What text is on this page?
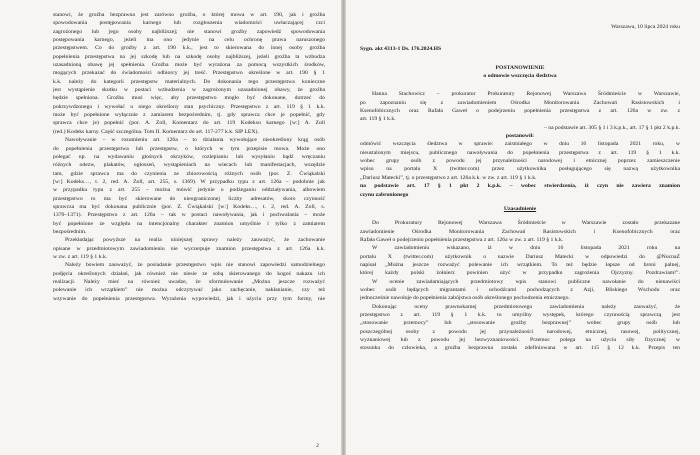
stanowi, że groźba bezprawna jest zarówno groźba, o której mowa w art. 190, jak i groźba
spowodowania postępowania karnego lub rozgłoszenia wiadomości uwłaczającej czci
zagrożonego lub jego osoby najbliższej; nie stanowi groźby zapowiedź spowodowania
postępowania karnego, jeżeli ma ono jedynie na celu ochronę prawa naruszonego
przestępstwem. Co do groźby z art. 190 k.k., jest to skierowana do innej osoby groźba
popełnienia przestępstwa na jej szkodę lub na szkodę osoby najbliższej, jeżeli groźba ta wzbudza
uzasadnioną obawę jej spełnienia. Groźba może być wyrażona za pomocą wszystkich środków,
mogących przekazać do świadomości odbiorcy jej treść. Przestępstwo określone w art. 190 § 1
k.k. należy do kategorii przestępstw materialnych. Do dokonania tego przestępstwa konieczne
jest wystąpienie skutku w postaci wzbudzenia w zagrożonym uzasadnionej obawy, że groźba
będzie spełniona. Groźba musi więc, aby przestępstwo mogło być dokonane, dotrzeć do
pokrzywdzonego i wywołać u niego określony stan psychiczny. Przestępstwo z art. 119 § 1 k.k.
może być popełnione wyłącznie z zamiarem bezpośrednim, tj. gdy sprawca chce je popełnić, gdy
sprawca chce je) popełnić (por. A. Zoll, Komentarz do art. 119 Kodeksu karnego [w:] A. Zoll
(red.) Kodeks karny. Część szczególna. Tom II. Komentarz do art. 117-277 k.k. SIP LEX).
Nawoływanie – w rozumieniu art. 126a – to działania wywołujące nieokreślony krąg osób
do popełnienia przestępstwa lub przestępstw, o których w tym przepisie mowa. Może ono
polegać np. na wydawaniu głośnych okrzyków, rozlepianiu lub wysyłaniu bądź wręczaniu
różnych odezw, plakatów, ogłoszeń, wystąpieniach na wiecach lub manifestacjach, wszędzie
tam, gdzie sprawca ma do czynienia ze zbiorowością różnych osób (por. Z. Ćwiąkalski
[w:] Kodeks…, t. 2, red. A. Zoll, art. 255, s. 1369). W przypadku typu z art. 126a – podobnie jak
w przypadku typu z art. 255 – można mówić jedynie o podżeganiu oddziaływania, albowiem
przestępstwo to ma być skierowane do nieograniczonej liczby adresatów, skoro czynność
sprawcza ma być dokonana publicznie (por. Z. Ćwiąkalski [w:] Kodeks…, t. 2, red. A. Zoll, s.
1370–1371). Przestępstwo z art. 126a – tak w postaci nawoływania, jak i pochwalania – może
być popełnione ze względu na intencjonalny charakter znamion umyślnie i tylko z zamiarem
bezpośrednim.
Przekładając powyższe na realia niniejszej sprawy należy zauważyć, że zachowanie
opisane w przedmiotowym zawiadomieniu nie wyczerpuje znamion przestępstwa z art. 126a k.k.
w zw. z art. 119 § 1 k.k.
Należy bowiem zauważyć, że posiadanie przestępstwo wpis nie stanowi zapowiedzi samodzielnego
podjęcia określonych działań, jak również nie niesie ze sobą skierowanego do kogoś nakazu ich
realizacji. Należy mieć na również uwadze, że sformułowanie „Można jeszcze rozważyć
polewanie ich wrzątkiem” nie można odczytywać jako zachęcanie, nakłanianie, czy też
wzywanie do popełnienia przestępstwa. Wyrażenia wypowiedzi, jak i użyciu przy tym formy, nie
2
Warszawa, 10 lipca 2024 roku
Sygn. akt 4313-1 Ds. 176.2024.HS
POSTANOWIENIE
o odmowie wszczęcia śledztwa
Hanna Stachowicz – prokurator Prokuratury Rejonowej Warszawa Śródmieście w Warszawie,
po zapoznaniu się z zawiadomieniem Ośrodka Monitorowania Zachowań Rasistowskich i
Ksenofobicznych oraz Rafała Gaweł o podejrzeniu popełnienia przestępstwa z art. 126a w zw. z
art. 119 § 1 k.k.
– na podstawie art. 305 § 1 i 3 k.p.k., art. 17 § 1 pkt 2 k.p.k.
postanowił:
odmówić wszczęcia śledztwa w sprawie: zaistniałego w dniu 16 listopada 2021 roku, w
nieustalonym miejscu, publicznego nawoływania do popełnienia przestępstwa z art. 119 § 1 k.k.
wobec grupy osób z powodu jej przynależności narodowej i etnicznej poprzez zamieszczenie
wpisu na portalu X (twitter.com) przez użytkownika posługującego się nazwą użytkownika
„Dariusz Matecki”, tj. o przestępstwo z art. 126a k.k. w zw. z art. 119 § 1 k.k.
na podstawie art. 17 § 1 pkt 2 k.p.k. – wobec stwierdzenia, iż czyn nie zawiera znamion
czynu zabronionego
Uzasadnienie
Do Prokuratury Rejonowej Warszawa Śródmieście w Warszawie zostało przekazane
zawiadomienie Ośrodka Monitorowania Zachowań Rasistowskich i Ksenofobicznych oraz
Rafała Gaweł o podejrzeniu popełnienia przestępstwa z art. 126a w zw. z art. 119 § 1 k.k.
W zawiadomieniu wskazano, iż w dniu 16 listopada 2021 roku na
portalu X (twitter.com) użytkownik o nazwie Dariusz Matecki w odpowiedzi do @NocnaZ
napisał „Można jeszcze rozważyć polewanie ich wrzątkiem. To też będzie łapsze od broni palnej,
której każdy polski żołnierz powinien użyć w przypadku zagrożenia Ojczyzny. Pozdrawiam!”.
W ocenie zawiadamiających przedmiotowy wpis stanowi publiczne nawołanie do nienawiści
wobec osób będących migrantami i uchodźcami pochodzących z Azji, Bliskiego Wschodu oraz
jednocześnie nawołuje do popełnienia zabójstwa osób określonego pochodzenia etnicznego.
Dokonując oceny prawnokarnej przedmiotowego zawiadomienia należy zauważyć, że
przestępstwo z art. 119 § 1 k.k. to umyślny występek, którego czynnością sprawczą jest
„stosowanie przemocy” lub „stosowanie groźby bezprawnej” wobec grupy osób lub
poszczególnej osoby z powodu jej przynależności narodowej, etnicznej, rasowej, politycznej,
wyznaniowej lub z powodu jej bezwyznaniowości. Przemoc polega na użyciu siły fizycznej w
stosunku do człowieka, a groźba bezprawna została zdefiniowana w art. 115 § 12 k.k. Przepis ten
